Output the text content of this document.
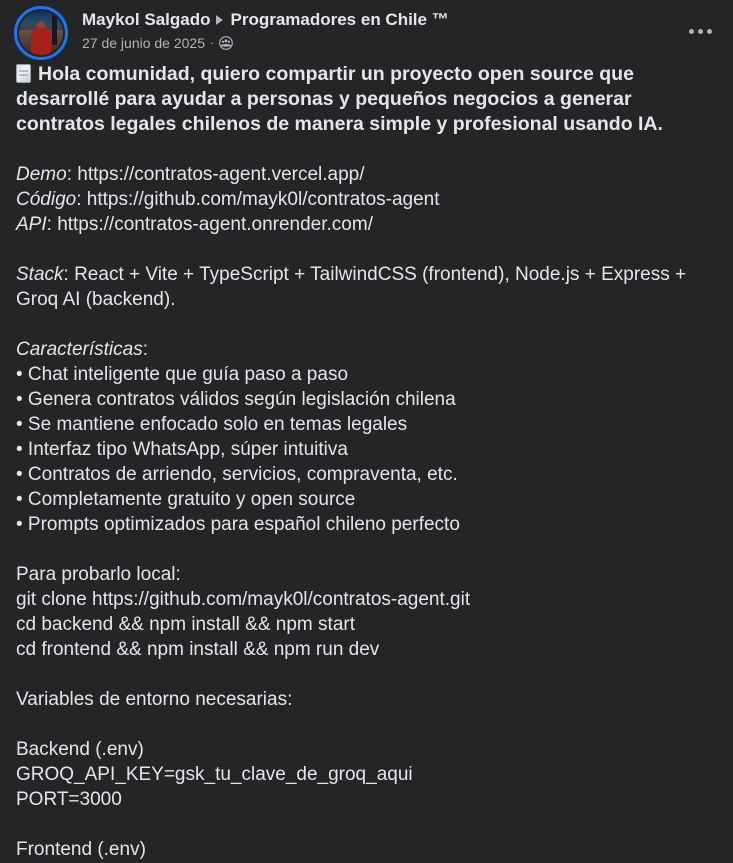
Maykol Salgado Programadores en Chile ™
27 de junio de 2025 ·

Hola comunidad, quiero compartir un proyecto open source que desarrollé para ayudar a personas y pequeños negocios a generar contratos legales chilenos de manera simple y profesional usando IA.

Demo: https://contratos-agent.vercel.app/

Código: https://github.com/mayk0l/contratos-agent

API: https://contratos-agent.onrender.com/

Stack: React + Vite + TypeScript + TailwindCSS (frontend), Node.js + Express + Groq AI (backend).

Características:

• Chat inteligente que guía paso a paso

• Genera contratos válidos según legislación chilena

• Se mantiene enfocado solo en temas legales

• Interfaz tipo WhatsApp, súper intuitiva

• Contratos de arriendo, servicios, compraventa, etc.

• Completamente gratuito y open source

• Prompts optimizados para español chileno perfecto

Para probarlo local:

git clone https://github.com/mayk0l/contratos-agent.git

cd backend && npm install && npm start

cd frontend && npm install && npm run dev

Variables de entorno necesarias:

Backend (.env)

GROQ_API_KEY=gsk_tu_clave_de_groq_aqui

PORT=3000

Frontend (.env)
